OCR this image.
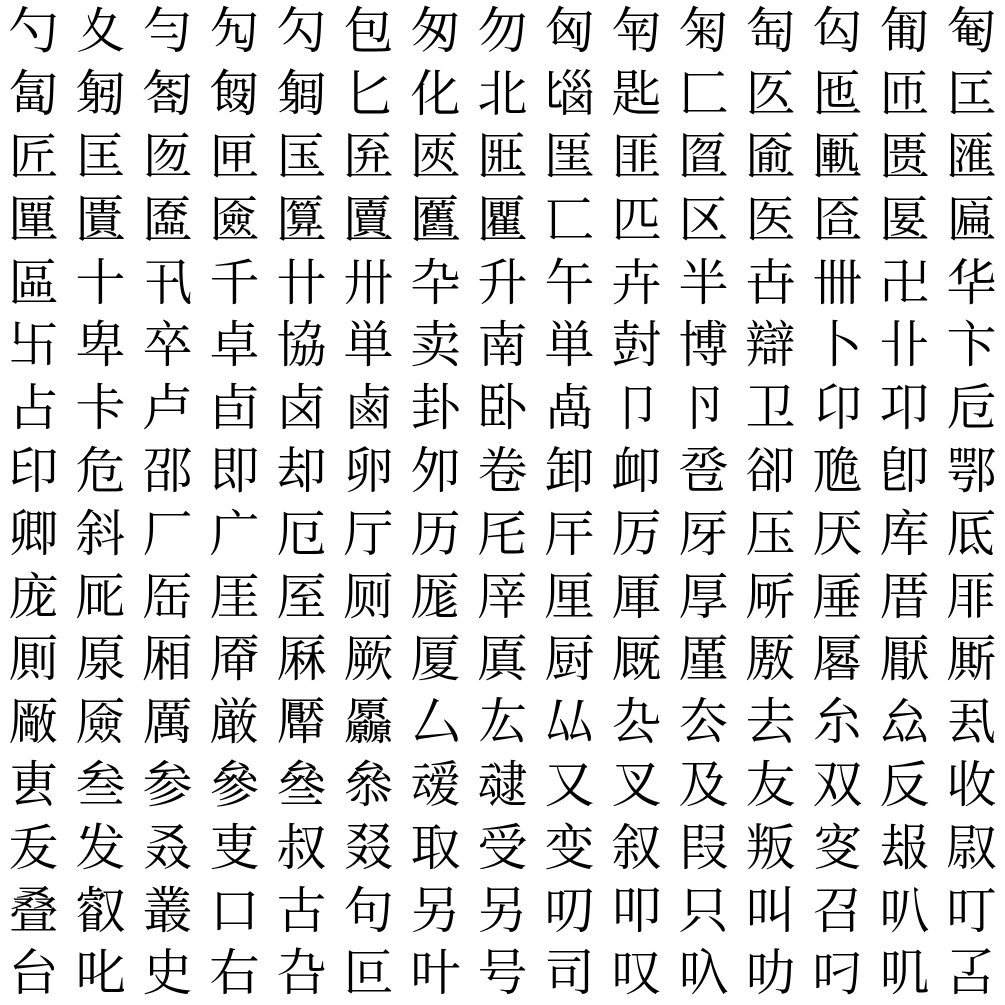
勺 夊 勻 勼 勽 包 匆 勿 匈 匉 匊 匋 匃 匍 匎
匐 匑 匒 匓 匔 匕 化 北 匘 匙 匚 匛 匜 匝 匞
匠 匡 匢 匣 匤 匥 匧 匨 匩 匪 匫 匬 匭 匮 匯
匰 匱 匲 匳 匴 匵 匶 匷 匸 匹 区 医 匼 匽 匾
區 十 卂 千 卄 卅 卆 升 午 卉 半 卋 卌 卍 华
卐 卑 卒 卓 協 単 卖 南 単 尌 博 辯 卜 卝 卞
占 卡 卢 卣 卤 鹵 卦 卧 卨 卩 卪 卫 卬 卭 卮
印 危 邵 即 却 卵 夘 卷 卸 卹 卺 卻 卼 卽 鄂
卿 斜 厂 广 厄 厅 历 厇 厈 厉 厊 压 厌 库 厎
庞 厑 厒 厓 厔 厕 厖 厗 厘 厙 厚 厛 厜 厝 厞
厠 厡 厢 厣 厤 厥 厦 厧 厨 厩 厪 厫 厬 厭 厮
厰 厱 厲 厳 厴 厵 厶 厷 厸 厹 厺 去 厼 厽 厾
叀 叁 参 參 叄 叅 叆 叇 又 叉 及 友 双 反 收
叐 发 叒 叓 叔 叕 取 受 变 叙 叚 叛 叜 叝 叞
叠 叡 叢 口 古 句 另 另 叨 叩 只 叫 召 叭 叮
台 叱 史 右 叴 叵 叶 号 司 叹 叺 叻 叼 叽 叾
